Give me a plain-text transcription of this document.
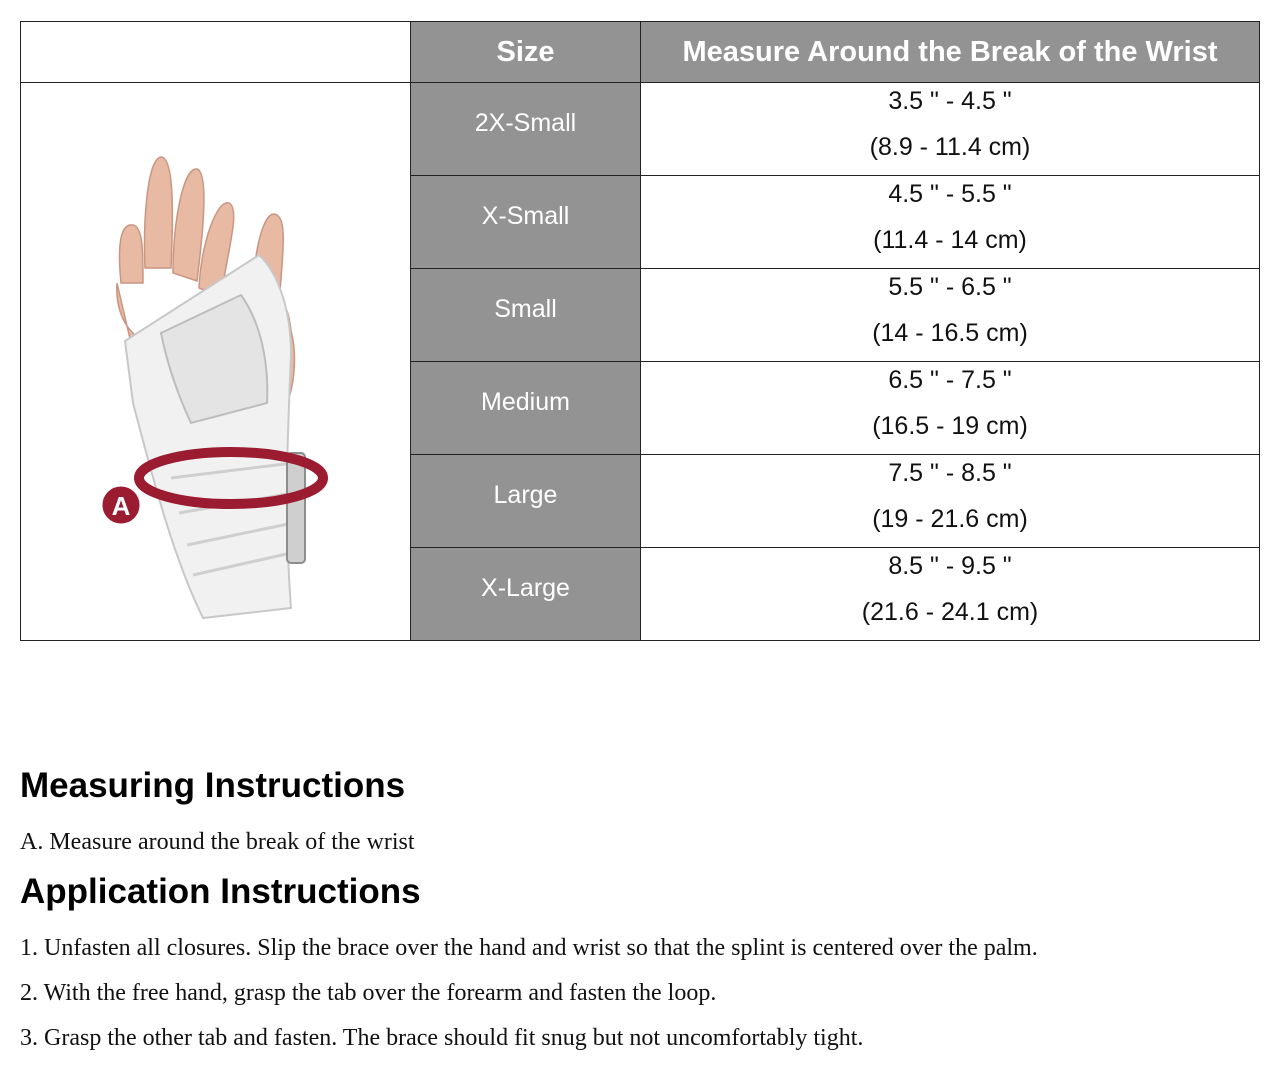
	Size	Measure Around the Break of the Wrist

A	2X-Small	3.5 " - 4.5 "
(8.9 - 11.4 cm)

	X-Small	4.5 " - 5.5 "
(11.4 - 14 cm)

	Small	5.5 " - 6.5 "
(14 - 16.5 cm)

	Medium	6.5 " - 7.5 "
(16.5 - 19 cm)

	Large	7.5 " - 8.5 "
(19 - 21.6 cm)

	X-Large	8.5 " - 9.5 "
(21.6 - 24.1 cm)
Measuring Instructions

A. Measure around the break of the wrist

Application Instructions

1. Unfasten all closures. Slip the brace over the hand and wrist so that the splint is centered over the palm.

2. With the free hand, grasp the tab over the forearm and fasten the loop.

3. Grasp the other tab and fasten. The brace should fit snug but not uncomfortably tight.
